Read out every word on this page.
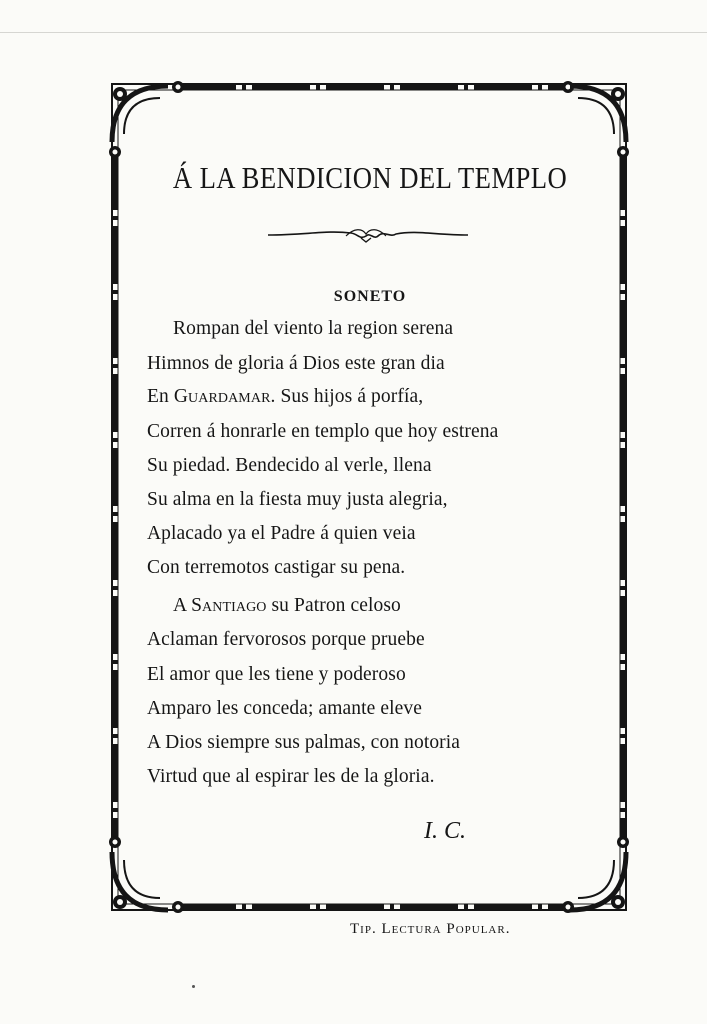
Á LA BENDICION DEL TEMPLO
SONETO
Rompan del viento la region serena
Himnos de gloria á Dios este gran dia
En Guardamar. Sus hijos á porfía,
Corren á honrarle en templo que hoy estrena
Su piedad. Bendecido al verle, llena
Su alma en la fiesta muy justa alegria,
Aplacado ya el Padre á quien veia
Con terremotos castigar su pena.
A Santiago su Patron celoso
Aclaman fervorosos porque pruebe
El amor que les tiene y poderoso
Amparo les conceda; amante eleve
A Dios siempre sus palmas, con notoria
Virtud que al espirar les de la gloria.
I. C.
Tip. Lectura Popular.
